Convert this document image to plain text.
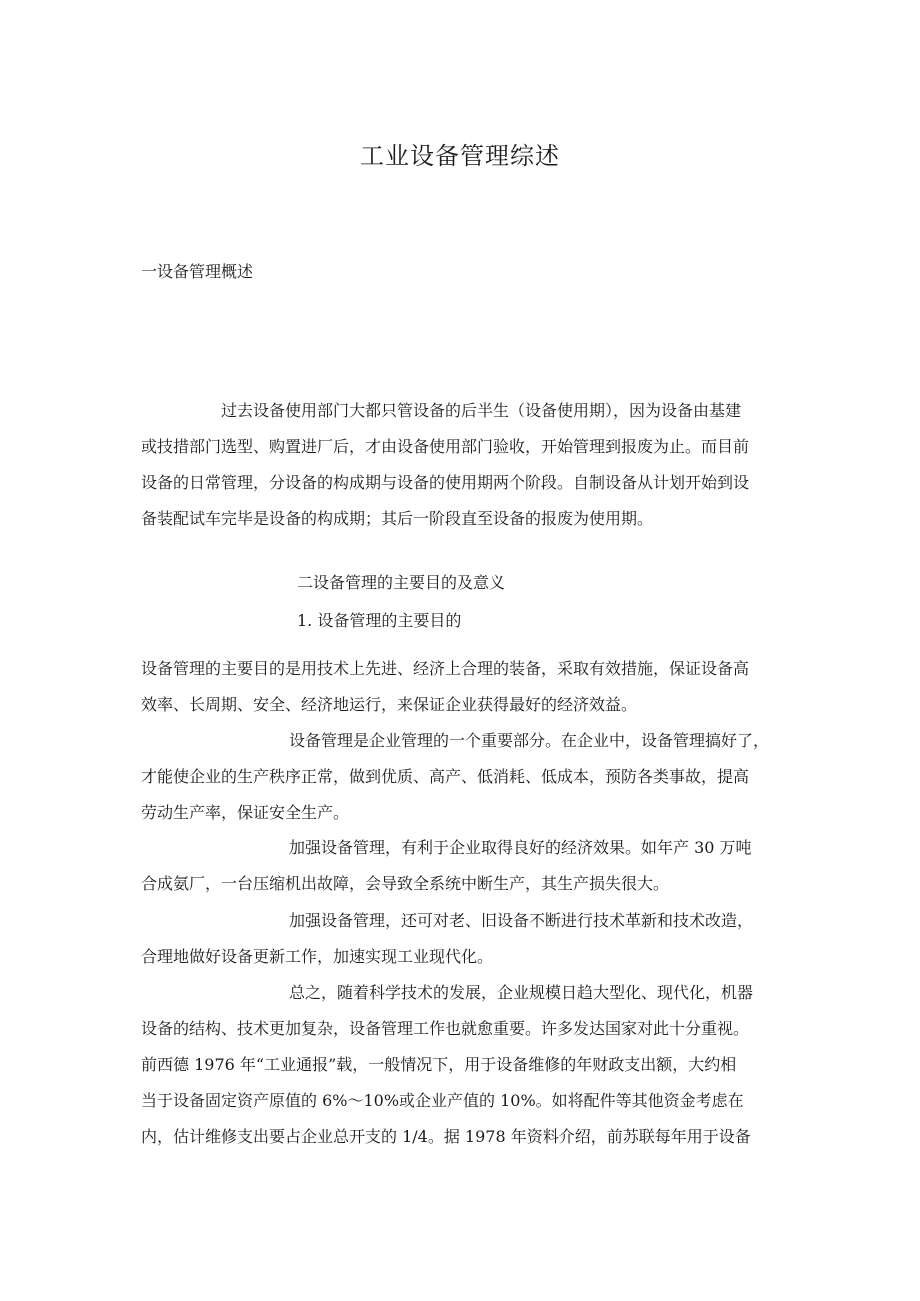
工业设备管理综述
一设备管理概述
过去设备使用部门大都只管设备的后半生（设备使用期），因为设备由基建
或技措部门选型、购置进厂后，才由设备使用部门验收，开始管理到报废为止。而目前
设备的日常管理，分设备的构成期与设备的使用期两个阶段。自制设备从计划开始到设
备装配试车完毕是设备的构成期；其后一阶段直至设备的报废为使用期。
二设备管理的主要目的及意义
1. 设备管理的主要目的
设备管理的主要目的是用技术上先进、经济上合理的装备，采取有效措施，保证设备高
效率、长周期、安全、经济地运行，来保证企业获得最好的经济效益。
设备管理是企业管理的一个重要部分。在企业中，设备管理搞好了，
才能使企业的生产秩序正常，做到优质、高产、低消耗、低成本，预防各类事故，提高
劳动生产率，保证安全生产。
加强设备管理，有利于企业取得良好的经济效果。如年产 30 万吨
合成氨厂，一台压缩机出故障，会导致全系统中断生产，其生产损失很大。
加强设备管理，还可对老、旧设备不断进行技术革新和技术改造，
合理地做好设备更新工作，加速实现工业现代化。
总之，随着科学技术的发展，企业规模日趋大型化、现代化，机器
设备的结构、技术更加复杂，设备管理工作也就愈重要。许多发达国家对此十分重视。
前西德 1976 年“工业通报”载，一般情况下，用于设备维修的年财政支出额，大约相
当于设备固定资产原值的 6%～10%或企业产值的 10%。如将配件等其他资金考虑在
内，估计维修支出要占企业总开支的 1/4。据 1978 年资料介绍，前苏联每年用于设备
